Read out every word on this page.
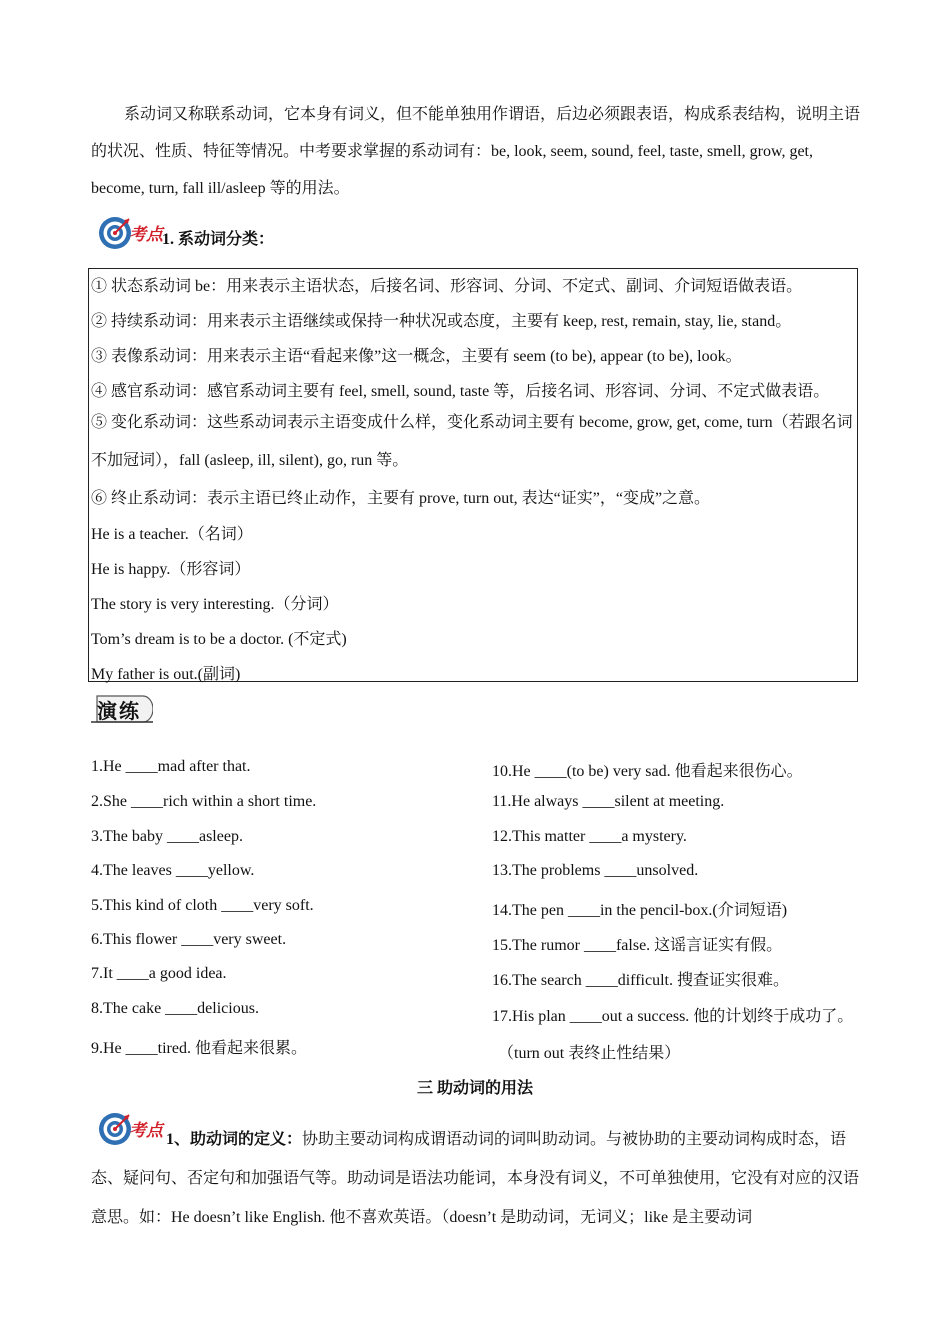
系动词又称联系动词，它本身有词义，但不能单独用作谓语，后边必须跟表语，构成系表结构，说明主语的状况、性质、特征等情况。中考要求掌握的系动词有：be, look, seem, sound, feel, taste, smell, grow, get, become, turn, fall ill/asleep 等的用法。
考点 1. 系动词分类：
① 状态系动词 be：用来表示主语状态，后接名词、形容词、分词、不定式、副词、介词短语做表语。
② 持续系动词：用来表示主语继续或保持一种状况或态度，主要有 keep, rest, remain, stay, lie, stand。
③ 表像系动词：用来表示主语“看起来像”这一概念，主要有 seem (to be), appear (to be), look。
④ 感官系动词：感官系动词主要有 feel, smell, sound, taste 等，后接名词、形容词、分词、不定式做表语。
⑤ 变化系动词：这些系动词表示主语变成什么样，变化系动词主要有 become, grow, get, come, turn（若跟名词不加冠词），fall (asleep, ill, silent), go, run 等。
⑥ 终止系动词：表示主语已终止动作，主要有 prove, turn out, 表达“证实”，“变成”之意。
He is a teacher.（名词）
He is happy.（形容词）
The story is very interesting.（分词）
Tom’s dream is to be a doctor. (不定式)
My father is out.(副词)
演练
1.He ____mad after that.
2.She ____rich within a short time.
3.The baby ____asleep.
4.The leaves ____yellow.
5.This kind of cloth ____very soft.
6.This flower ____very sweet.
7.It ____a good idea.
8.The cake ____delicious.
9.He ____tired. 他看起来很累。
10.He ____(to be) very sad. 他看起来很伤心。
11.He always ____silent at meeting.
12.This matter ____a mystery.
13.The problems ____unsolved.
14.The pen ____in the pencil-box.(介词短语)
15.The rumor ____false. 这谣言证实有假。
16.The search ____difficult. 搜查证实很难。
17.His plan ____out a success. 他的计划终于成功了。
（turn out 表终止性结果）
三 助动词的用法
考点 1、助动词的定义：协助主要动词构成谓语动词的词叫助动词。与被协助的主要动词构成时态，语态、疑问句、否定句和加强语气等。助动词是语法功能词，本身没有词义，不可单独使用，它没有对应的汉语意思。如：He doesn’t like English. 他不喜欢英语。（doesn’t 是助动词，无词义；like 是主要动词
